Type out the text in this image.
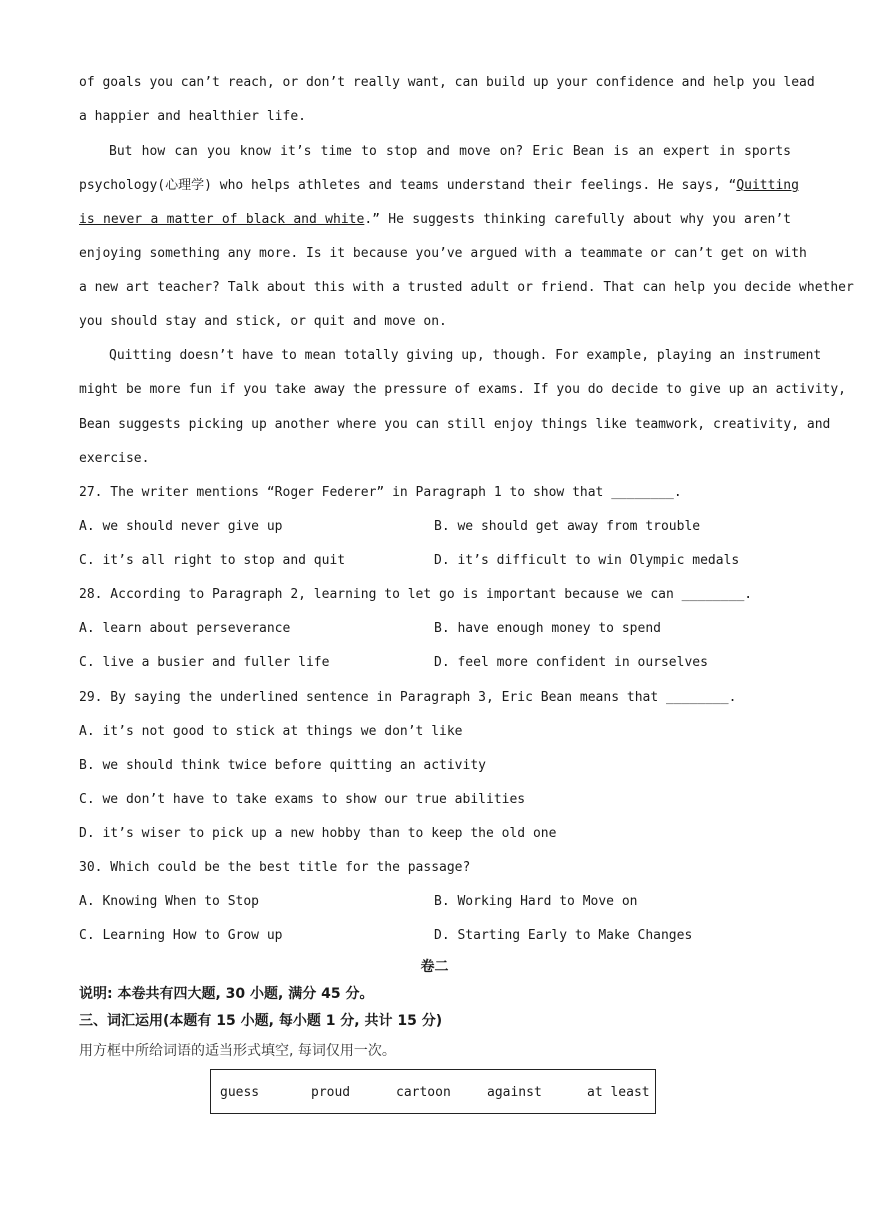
of goals you can’t reach, or don’t really want, can build up your confidence and help you lead
a happier and healthier life.
But how can you know it’s time to stop and move on? Eric Bean is an expert in sports
psychology(心理学) who helps athletes and teams understand their feelings. He says, “Quitting
is never a matter of black and white.” He suggests thinking carefully about why you aren’t
enjoying something any more. Is it because you’ve argued with a teammate or can’t get on with
a new art teacher? Talk about this with a trusted adult or friend. That can help you decide whether
you should stay and stick, or quit and move on.
Quitting doesn’t have to mean totally giving up, though. For example, playing an instrument
might be more fun if you take away the pressure of exams. If you do decide to give up an activity,
Bean suggests picking up another where you can still enjoy things like teamwork, creativity, and
exercise.
27. The writer mentions “Roger Federer” in Paragraph 1 to show that ________.
A. we should never give up	B. we should get away from trouble
C. it’s all right to stop and quit	D. it’s difficult to win Olympic medals
28. According to Paragraph 2, learning to let go is important because we can ________.
A. learn about perseverance	B. have enough money to spend
C. live a busier and fuller life	D. feel more confident in ourselves
29. By saying the underlined sentence in Paragraph 3, Eric Bean means that ________.
A. it’s not good to stick at things we don’t like
B. we should think twice before quitting an activity
C. we don’t have to take exams to show our true abilities
D. it’s wiser to pick up a new hobby than to keep the old one
30. Which could be the best title for the passage?
A. Knowing When to Stop	B. Working Hard to Move on
C. Learning How to Grow up	D. Starting Early to Make Changes
卷二
说明: 本卷共有四大题, 30 小题, 满分 45 分。
三、词汇运用(本题有 15 小题, 每小题 1 分, 共计 15 分)
用方框中所给词语的适当形式填空, 每词仅用一次。
guess	proud	cartoon	against	at least
